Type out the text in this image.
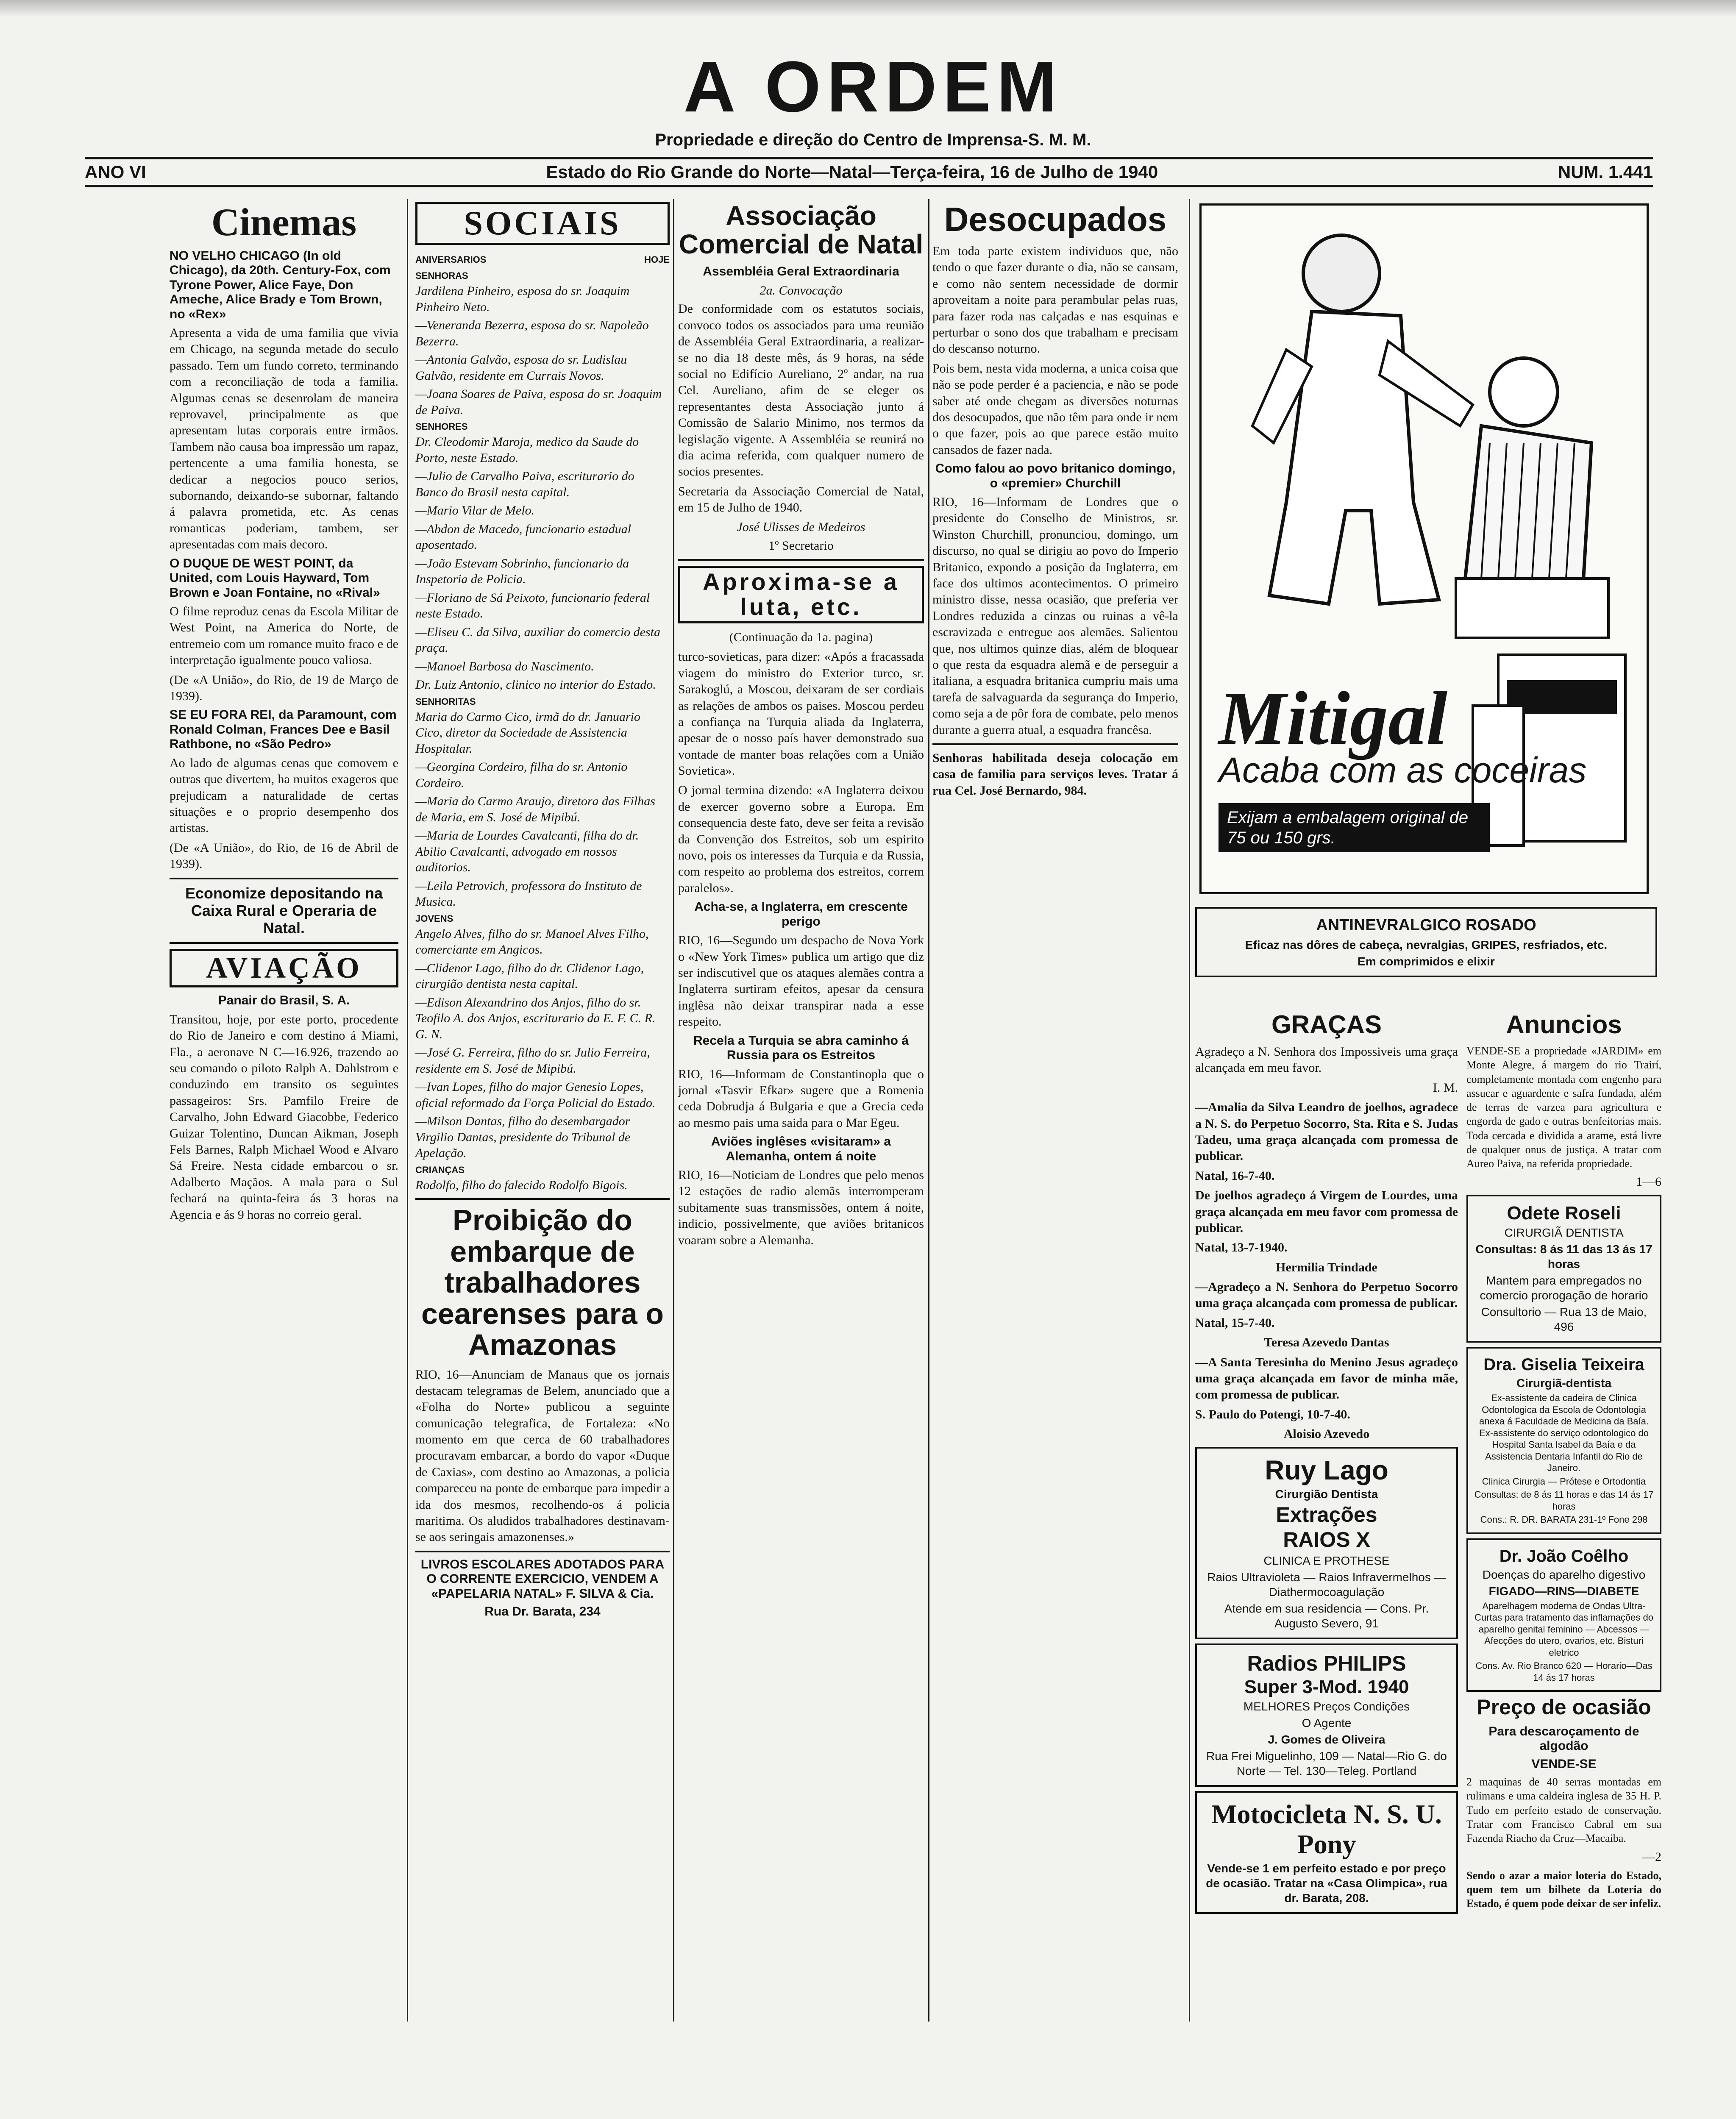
A ORDEM
Propriedade e direção do Centro de Imprensa-S. M. M.
ANO VI	Estado do Rio Grande do Norte—Natal—Terça-feira, 16 de Julho de 1940	NUM. 1.441
Cinemas
NO VELHO CHICAGO (In old Chicago), da 20th. Century-Fox, com Tyrone Power, Alice Faye, Don Ameche, Alice Brady e Tom Brown, no «Rex»

Apresenta a vida de uma familia que vivia em Chicago, na segunda metade do seculo passado. Tem um fundo correto, terminando com a reconciliação de toda a familia. Algumas cenas se desenrolam de maneira reprovavel, principalmente as que apresentam lutas corporais entre irmãos. Tambem não causa boa impressão um rapaz, pertencente a uma familia honesta, se dedicar a negocios pouco serios, subornando, deixando-se subornar, faltando á palavra prometida, etc. As cenas romanticas poderiam, tambem, ser apresentadas com mais decoro.

O DUQUE DE WEST POINT, da United, com Louis Hayward, Tom Brown e Joan Fontaine, no «Rival»

O filme reproduz cenas da Escola Militar de West Point, na America do Norte, de entremeio com um romance muito fraco e de interpretação igualmente pouco valiosa.

(De «A União», do Rio, de 19 de Março de 1939).

SE EU FORA REI, da Paramount, com Ronald Colman, Frances Dee e Basil Rathbone, no «São Pedro»

Ao lado de algumas cenas que comovem e outras que divertem, ha muitos exageros que prejudicam a naturalidade de certas situações e o proprio desempenho dos artistas.

(De «A União», do Rio, de 16 de Abril de 1939).

Economize depositando na Caixa Rural e Operaria de Natal.
AVIAÇÃO
Panair do Brasil, S. A.

Transitou, hoje, por este porto, procedente do Rio de Janeiro e com destino á Miami, Fla., a aeronave N C—16.926, trazendo ao seu comando o piloto Ralph A. Dahlstrom e conduzindo em transito os seguintes passageiros: Srs. Pamfilo Freire de Carvalho, John Edward Giacobbe, Federico Guizar Tolentino, Duncan Aikman, Joseph Fels Barnes, Ralph Michael Wood e Alvaro Sá Freire. Nesta cidade embarcou o sr. Adalberto Maçãos. A mala para o Sul fechará na quinta-feira ás 3 horas na Agencia e ás 9 horas no correio geral.

SOCIAIS
ANIVERSARIOS	HOJE
SENHORAS

Jardilena Pinheiro, esposa do sr. Joaquim Pinheiro Neto.

—Veneranda Bezerra, esposa do sr. Napoleão Bezerra.

—Antonia Galvão, esposa do sr. Ludislau Galvão, residente em Currais Novos.

—Joana Soares de Paiva, esposa do sr. Joaquim de Paiva.

SENHORES

Dr. Cleodomir Maroja, medico da Saude do Porto, neste Estado.

—Julio de Carvalho Paiva, escriturario do Banco do Brasil nesta capital.

—Mario Vilar de Melo.

—Abdon de Macedo, funcionario estadual aposentado.

—João Estevam Sobrinho, funcionario da Inspetoria de Policia.

—Floriano de Sá Peixoto, funcionario federal neste Estado.

—Eliseu C. da Silva, auxiliar do comercio desta praça.

—Manoel Barbosa do Nascimento.

Dr. Luiz Antonio, clinico no interior do Estado.

SENHORITAS

Maria do Carmo Cico, irmã do dr. Januario Cico, diretor da Sociedade de Assistencia Hospitalar.

—Georgina Cordeiro, filha do sr. Antonio Cordeiro.

—Maria do Carmo Araujo, diretora das Filhas de Maria, em S. José de Mipibú.

—Maria de Lourdes Cavalcanti, filha do dr. Abilio Cavalcanti, advogado em nossos auditorios.

—Leila Petrovich, professora do Instituto de Musica.

JOVENS

Angelo Alves, filho do sr. Manoel Alves Filho, comerciante em Angicos.

—Clidenor Lago, filho do dr. Clidenor Lago, cirurgião dentista nesta capital.

—Edison Alexandrino dos Anjos, filho do sr. Teofilo A. dos Anjos, escriturario da E. F. C. R. G. N.

—José G. Ferreira, filho do sr. Julio Ferreira, residente em S. José de Mipibú.

—Ivan Lopes, filho do major Genesio Lopes, oficial reformado da Força Policial do Estado.

—Milson Dantas, filho do desembargador Virgilio Dantas, presidente do Tribunal de Apelação.

CRIANÇAS

Rodolfo, filho do falecido Rodolfo Bigois.

Proibição do embarque de trabalhadores cearenses para o Amazonas

RIO, 16—Anunciam de Manaus que os jornais destacam telegramas de Belem, anunciado que a «Folha do Norte» publicou a seguinte comunicação telegrafica, de Fortaleza: «No momento em que cerca de 60 trabalhadores procuravam embarcar, a bordo do vapor «Duque de Caxias», com destino ao Amazonas, a policia compareceu na ponte de embarque para impedir a ida dos mesmos, recolhendo-os á policia maritima. Os aludidos trabalhadores destinavam-se aos seringais amazonenses.»

LIVROS ESCOLARES ADOTADOS PARA O CORRENTE EXERCICIO, VENDEM A «PAPELARIA NATAL» F. SILVA & Cia.
Rua Dr. Barata, 234
Associação Comercial de Natal
Assembléia Geral Extraordinaria
2a. Convocação

De conformidade com os estatutos sociais, convoco todos os associados para uma reunião de Assembléia Geral Extraordinaria, a realizar-se no dia 18 deste mês, ás 9 horas, na séde social no Edifício Aureliano, 2º andar, na rua Cel. Aureliano, afim de se eleger os representantes desta Associação junto á Comissão de Salario Minimo, nos termos da legislação vigente. A Assembléia se reunirá no dia acima referida, com qualquer numero de socios presentes.

Secretaria da Associação Comercial de Natal, em 15 de Julho de 1940.

José Ulisses de Medeiros
1º Secretario
Aproxima-se a luta, etc.
(Continuação da 1a. pagina)

turco-sovieticas, para dizer: «Após a fracassada viagem do ministro do Exterior turco, sr. Sarakoglú, a Moscou, deixaram de ser cordiais as relações de ambos os paises. Moscou perdeu a confiança na Turquia aliada da Inglaterra, apesar de o nosso país haver demonstrado sua vontade de manter boas relações com a União Sovietica».

O jornal termina dizendo: «A Inglaterra deixou de exercer governo sobre a Europa. Em consequencia deste fato, deve ser feita a revisão da Convenção dos Estreitos, sob um espirito novo, pois os interesses da Turquia e da Russia, com respeito ao problema dos estreitos, correm paralelos».

Acha-se, a Inglaterra, em crescente perigo

RIO, 16—Segundo um despacho de Nova York o «New York Times» publica um artigo que diz ser indiscutivel que os ataques alemães contra a Inglaterra surtiram efeitos, apesar da censura inglêsa não deixar transpirar nada a esse respeito.

Recela a Turquia se abra caminho á Russia para os Estreitos

RIO, 16—Informam de Constantinopla que o jornal «Tasvir Efkar» sugere que a Romenia ceda Dobrudja á Bulgaria e que a Grecia ceda ao mesmo pais uma saida para o Mar Egeu.

Aviões inglêses «visitaram» a Alemanha, ontem á noite

RIO, 16—Noticiam de Londres que pelo menos 12 estações de radio alemãs interromperam subitamente suas transmissões, ontem á noite, indicio, possivelmente, que aviões britanicos voaram sobre a Alemanha.

Desocupados

Em toda parte existem individuos que, não tendo o que fazer durante o dia, não se cansam, e como não sentem necessidade de dormir aproveitam a noite para perambular pelas ruas, para fazer roda nas calçadas e nas esquinas e perturbar o sono dos que trabalham e precisam do descanso noturno.

Pois bem, nesta vida moderna, a unica coisa que não se pode perder é a paciencia, e não se pode saber até onde chegam as diversões noturnas dos desocupados, que não têm para onde ir nem o que fazer, pois ao que parece estão muito cansados de fazer nada.

Como falou ao povo britanico domingo, o «premier» Churchill

RIO, 16—Informam de Londres que o presidente do Conselho de Ministros, sr. Winston Churchill, pronunciou, domingo, um discurso, no qual se dirigiu ao povo do Imperio Britanico, expondo a posição da Inglaterra, em face dos ultimos acontecimentos. O primeiro ministro disse, nessa ocasião, que preferia ver Londres reduzida a cinzas ou ruinas a vê-la escravizada e entregue aos alemães. Salientou que, nos ultimos quinze dias, além de bloquear o que resta da esquadra alemã e de perseguir a italiana, a esquadra britanica cumpriu mais uma tarefa de salvaguarda da segurança do Imperio, como seja a de pôr fora de combate, pelo menos durante a guerra atual, a esquadra francêsa.

Senhoras habilitada deseja colocação em casa de familia para serviços leves. Tratar á rua Cel. José Bernardo, 984.

Mitigal
Acaba com as coceiras
Exijam a embalagem original de 75 ou 150 grs.

ANTINEVRALGICO ROSADO

Eficaz nas dôres de cabeça, nevralgias, GRIPES, resfriados, etc.

Em comprimidos e elixir

GRAÇAS

Agradeço a N. Senhora dos Impossiveis uma graça alcançada em meu favor.

I. M.

—Amalia da Silva Leandro de joelhos, agradece a N. S. do Perpetuo Socorro, Sta. Rita e S. Judas Tadeu, uma graça alcançada com promessa de publicar.

Natal, 16-7-40.

De joelhos agradeço á Virgem de Lourdes, uma graça alcançada em meu favor com promessa de publicar.

Natal, 13-7-1940.

Hermilia Trindade

—Agradeço a N. Senhora do Perpetuo Socorro uma graça alcançada com promessa de publicar.

Natal, 15-7-40.

Teresa Azevedo Dantas

—A Santa Teresinha do Menino Jesus agradeço uma graça alcançada em favor de minha mãe, com promessa de publicar.

S. Paulo do Potengi, 10-7-40.

Aloisio Azevedo

Ruy Lago

Cirurgião Dentista

Extrações
RAIOS X

CLINICA E PROTHESE

Raios Ultravioleta — Raios Infravermelhos — Diathermocoagulação

Atende em sua residencia — Cons. Pr. Augusto Severo, 91

Radios PHILIPS
Super 3-Mod. 1940

MELHORES Preços Condições

O Agente

J. Gomes de Oliveira

Rua Frei Miguelinho, 109 — Natal—Rio G. do Norte — Tel. 130—Teleg. Portland

Motocicleta N. S. U. Pony

Vende-se 1 em perfeito estado e por preço de ocasião. Tratar na «Casa Olimpica», rua dr. Barata, 208.

Anuncios

VENDE-SE a propriedade «JARDIM» em Monte Alegre, á margem do rio Trairí, completamente montada com engenho para assucar e aguardente e safra fundada, além de terras de varzea para agricultura e engorda de gado e outras benfeitorias mais. Toda cercada e dividida a arame, está livre de qualquer onus de justiça. A tratar com Aureo Paiva, na referida propriedade.

1—6

Odete Roseli

CIRURGIÃ DENTISTA

Consultas: 8 ás 11 das 13 ás 17 horas

Mantem para empregados no comercio prorogação de horario

Consultorio — Rua 13 de Maio, 496

Dra. Giselia Teixeira

Cirurgiã-dentista

Ex-assistente da cadeira de Clinica Odontologica da Escola de Odontologia anexa á Faculdade de Medicina da Baía. Ex-assistente do serviço odontologico do Hospital Santa Isabel da Baía e da Assistencia Dentaria Infantil do Rio de Janeiro.

Clinica Cirurgia — Prótese e Ortodontia

Consultas: de 8 ás 11 horas e das 14 ás 17 horas

Cons.: R. DR. BARATA 231-1º Fone 298

Dr. João Coêlho

Doenças do aparelho digestivo

FIGADO—RINS—DIABETE

Aparelhagem moderna de Ondas Ultra-Curtas para tratamento das inflamações do aparelho genital feminino — Abcessos — Afecções do utero, ovarios, etc. Bisturi eletrico

Cons. Av. Rio Branco 620 — Horario—Das 14 ás 17 horas

Preço de ocasião
Para descaroçamento de algodão
VENDE-SE

2 maquinas de 40 serras montadas em rulimans e uma caldeira inglesa de 35 H. P. Tudo em perfeito estado de conservação. Tratar com Francisco Cabral em sua Fazenda Riacho da Cruz—Macaiba.

—2

Sendo o azar a maior loteria do Estado, quem tem um bilhete da Loteria do Estado, é quem pode deixar de ser infeliz.
